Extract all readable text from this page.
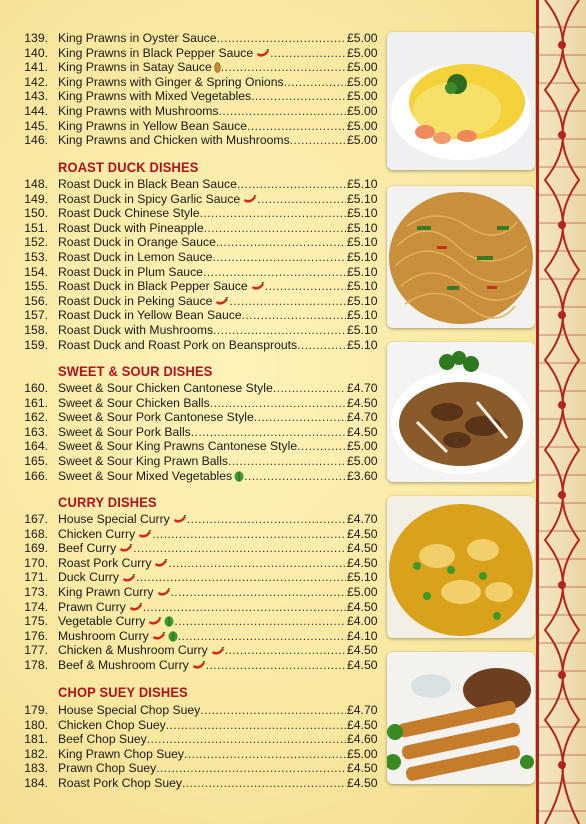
139. King Prawns in Oyster Sauce .....	£5.00
140. King Prawns in Black Pepper Sauce .....	£5.00
141. King Prawns in Satay Sauce .....	£5.00
142. King Prawns with Ginger & Spring Onions .....	£5.00
143. King Prawns with Mixed Vegetables .....	£5.00
144. King Prawns with Mushrooms .....	£5.00
145. King Prawns in Yellow Bean Sauce .....	£5.00
146. King Prawns and Chicken with Mushrooms .....	£5.00
ROAST DUCK DISHES
148. Roast Duck in Black Bean Sauce .....	£5.10
149. Roast Duck in Spicy Garlic Sauce .....	£5.10
150. Roast Duck Chinese Style .....	£5.10
151. Roast Duck with Pineapple .....	£5.10
152. Roast Duck in Orange Sauce .....	£5.10
153. Roast Duck in Lemon Sauce .....	£5.10
154. Roast Duck in Plum Sauce .....	£5.10
155. Roast Duck in Black Pepper Sauce .....	£5.10
156. Roast Duck in Peking Sauce .....	£5.10
157. Roast Duck in Yellow Bean Sauce .....	£5.10
158. Roast Duck with Mushrooms .....	£5.10
159. Roast Duck and Roast Pork on Beansprouts .....	£5.10
SWEET & SOUR DISHES
160. Sweet & Sour Chicken Cantonese Style .....	£4.70
161. Sweet & Sour Chicken Balls .....	£4.50
162. Sweet & Sour Pork Cantonese Style .....	£4.70
163. Sweet & Sour Pork Balls .....	£4.50
164. Sweet & Sour King Prawns Cantonese Style .....	£5.00
165. Sweet & Sour King Prawn Balls .....	£5.00
166. Sweet & Sour Mixed Vegetables .....	£3.60
CURRY DISHES
167. House Special Curry .....	£4.70
168. Chicken Curry .....	£4.50
169. Beef Curry .....	£4.50
170. Roast Pork Curry .....	£4.50
171. Duck Curry .....	£5.10
173. King Prawn Curry .....	£5.00
174. Prawn Curry .....	£4.50
175. Vegetable Curry .....	£4.00
176. Mushroom Curry .....	£4.10
177. Chicken & Mushroom Curry .....	£4.50
178. Beef & Mushroom Curry .....	£4.50
CHOP SUEY DISHES
179. House Special Chop Suey .....	£4.70
180. Chicken Chop Suey .....	£4.50
181. Beef Chop Suey .....	£4.60
182. King Prawn Chop Suey .....	£5.00
183. Prawn Chop Suey .....	£4.50
184. Roast Pork Chop Suey .....	£4.50
